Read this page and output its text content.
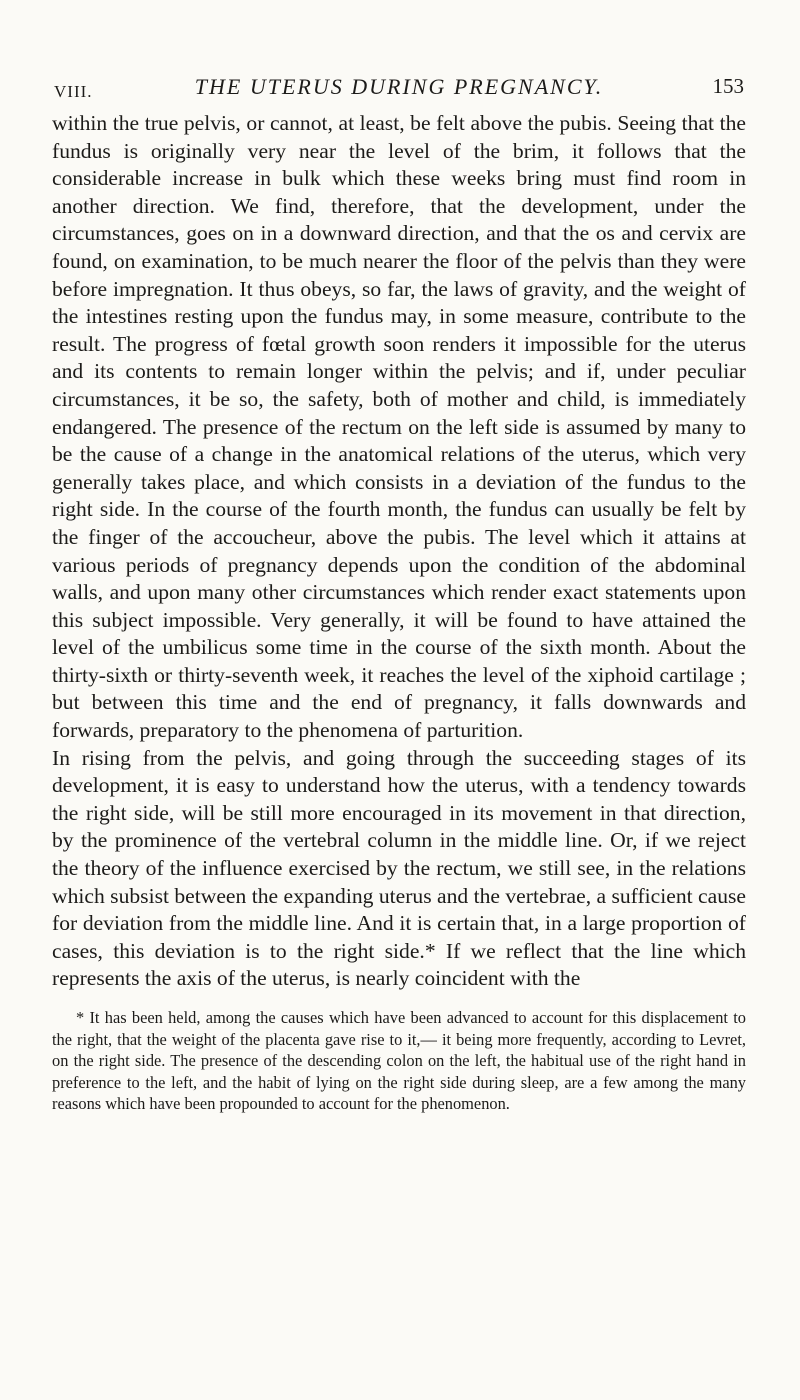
VIII.	THE UTERUS DURING PREGNANCY.	153

within the true pelvis, or cannot, at least, be felt above the pubis. Seeing that the fundus is originally very near the level of the brim, it follows that the considerable increase in bulk which these weeks bring must find room in another direction. We find, therefore, that the development, under the circumstances, goes on in a downward direction, and that the os and cervix are found, on examination, to be much nearer the floor of the pelvis than they were before impregnation. It thus obeys, so far, the laws of gravity, and the weight of the intestines resting upon the fundus may, in some measure, contribute to the result. The progress of fœtal growth soon renders it impossible for the uterus and its contents to remain longer within the pelvis; and if, under peculiar circumstances, it be so, the safety, both of mother and child, is immediately endangered. The presence of the rectum on the left side is assumed by many to be the cause of a change in the anatomical relations of the uterus, which very generally takes place, and which consists in a deviation of the fundus to the right side. In the course of the fourth month, the fundus can usually be felt by the finger of the accoucheur, above the pubis. The level which it attains at various periods of pregnancy depends upon the condition of the abdominal walls, and upon many other circumstances which render exact statements upon this subject impossible. Very generally, it will be found to have attained the level of the umbilicus some time in the course of the sixth month. About the thirty-sixth or thirty-seventh week, it reaches the level of the xiphoid cartilage ; but between this time and the end of pregnancy, it falls downwards and forwards, preparatory to the phenomena of parturition.

In rising from the pelvis, and going through the succeeding stages of its development, it is easy to understand how the uterus, with a tendency towards the right side, will be still more encouraged in its movement in that direction, by the prominence of the vertebral column in the middle line. Or, if we reject the theory of the influence exercised by the rectum, we still see, in the relations which subsist between the expanding uterus and the vertebrae, a sufficient cause for deviation from the middle line. And it is certain that, in a large proportion of cases, this deviation is to the right side.* If we reflect that the line which represents the axis of the uterus, is nearly coincident with the

* It has been held, among the causes which have been advanced to account for this displacement to the right, that the weight of the placenta gave rise to it,— it being more frequently, according to Levret, on the right side. The presence of the descending colon on the left, the habitual use of the right hand in preference to the left, and the habit of lying on the right side during sleep, are a few among the many reasons which have been propounded to account for the phenomenon.
